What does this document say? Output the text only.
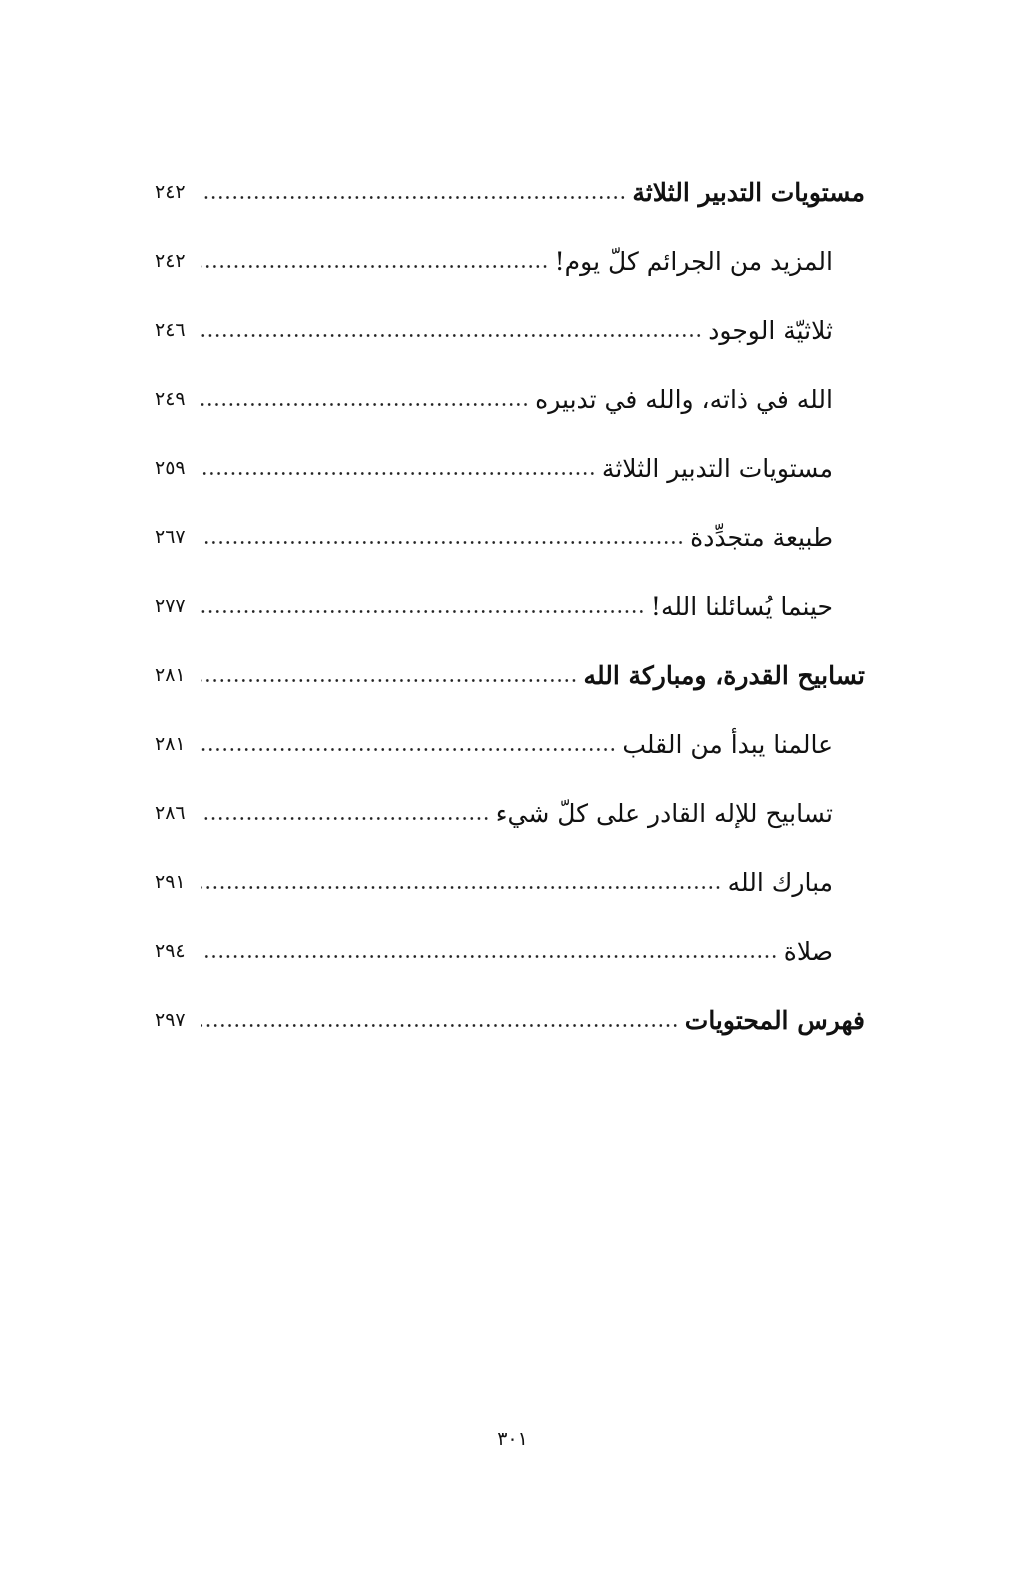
مستويات التدبير الثلاثة
٢٤٢
المزيد من الجرائم كلّ يوم!
٢٤٢
ثلاثيّة الوجود
٢٤٦
الله في ذاته، والله في تدبيره
٢٤٩
مستويات التدبير الثلاثة
٢٥٩
طبيعة متجدِّدة
٢٦٧
حينما يُسائلنا الله!
٢٧٧
تسابيح القدرة، ومباركة الله
٢٨١
عالمنا يبدأ من القلب
٢٨١
تسابيح للإله القادر على كلّ شيء
٢٨٦
مبارك الله
٢٩١
صلاة
٢٩٤
فهرس المحتويات
٢٩٧
٣٠١
